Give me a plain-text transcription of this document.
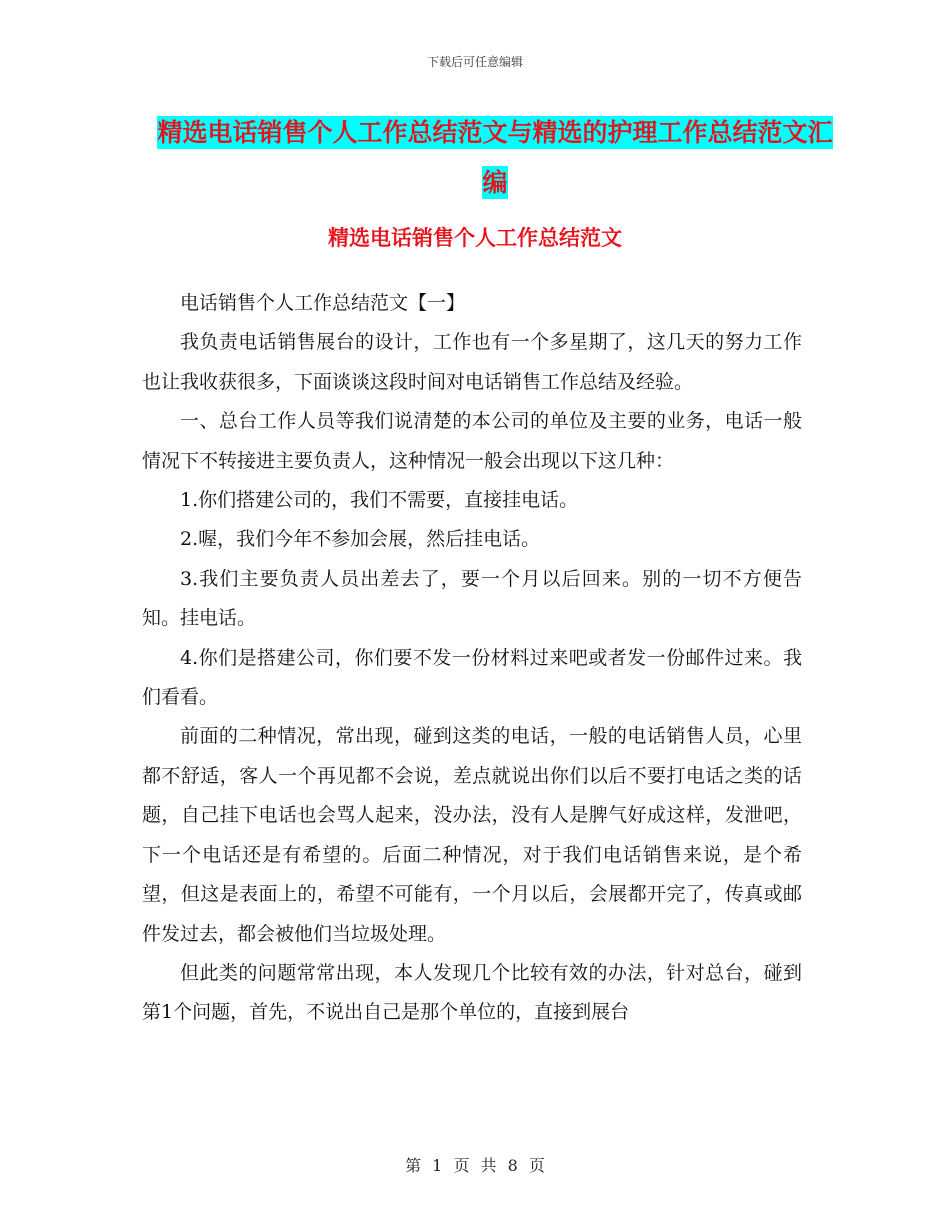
下载后可任意编辑
精选电话销售个人工作总结范文与精选的护理工作总结范文汇编
精选电话销售个人工作总结范文

电话销售个人工作总结范文【一】

我负责电话销售展台的设计，工作也有一个多星期了，这几天的努力工作也让我收获很多，下面谈谈这段时间对电话销售工作总结及经验。

一、总台工作人员等我们说清楚的本公司的单位及主要的业务，电话一般情况下不转接进主要负责人，这种情况一般会出现以下这几种：

1.你们搭建公司的，我们不需要，直接挂电话。

2.喔，我们今年不参加会展，然后挂电话。

3.我们主要负责人员出差去了，要一个月以后回来。别的一切不方便告知。挂电话。

4.你们是搭建公司，你们要不发一份材料过来吧或者发一份邮件过来。我们看看。

前面的二种情况，常出现，碰到这类的电话，一般的电话销售人员，心里都不舒适，客人一个再见都不会说，差点就说出你们以后不要打电话之类的话题，自己挂下电话也会骂人起来，没办法，没有人是脾气好成这样，发泄吧，下一个电话还是有希望的。后面二种情况，对于我们电话销售来说，是个希望，但这是表面上的，希望不可能有，一个月以后，会展都开完了，传真或邮件发过去，都会被他们当垃圾处理。

但此类的问题常常出现，本人发现几个比较有效的办法，针对总台，碰到第1个问题，首先，不说出自己是那个单位的，直接到展台

第 1 页 共 8 页
